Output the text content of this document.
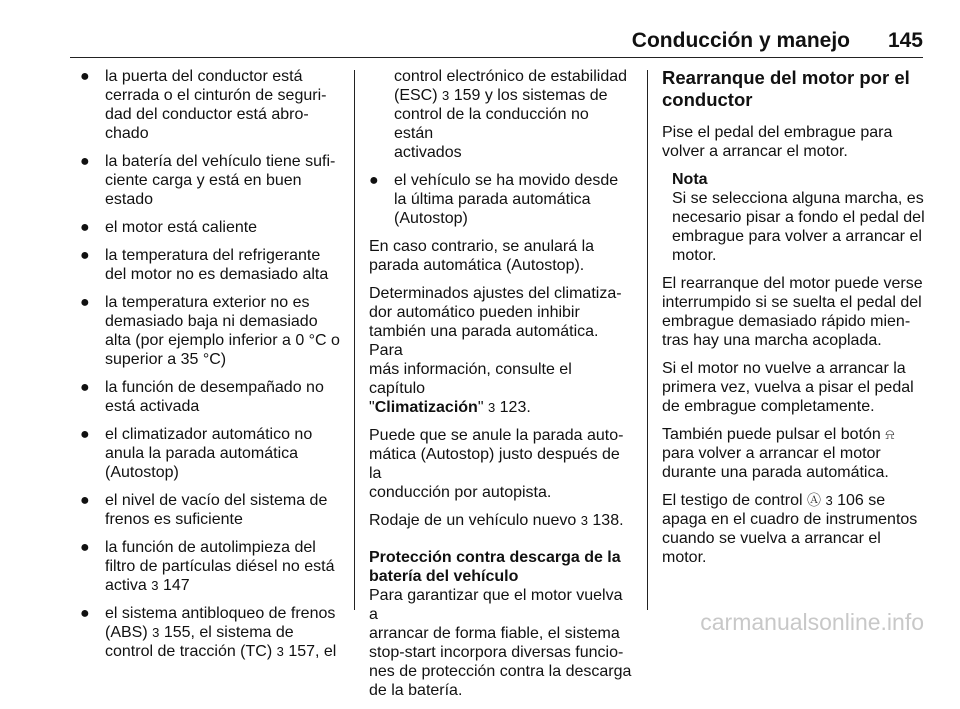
Conducción y manejo 145
● la puerta del conductor está
cerrada o el cinturón de seguri‐
dad del conductor está abro‐
chado
● la batería del vehículo tiene sufi‐
ciente carga y está en buen
estado
● el motor está caliente
● la temperatura del refrigerante
del motor no es demasiado alta
● la temperatura exterior no es
demasiado baja ni demasiado
alta (por ejemplo inferior a 0 °C o
superior a 35 °C)
● la función de desempañado no
está activada
● el climatizador automático no
anula la parada automática
(Autostop)
● el nivel de vacío del sistema de
frenos es suficiente
● la función de autolimpieza del
filtro de partículas diésel no está
activa 3 147
● el sistema antibloqueo de frenos
(ABS) 3 155, el sistema de
control de tracción (TC) 3 157, el
control electrónico de estabilidad
(ESC) 3 159 y los sistemas de
control de la conducción no están
activados
● el vehículo se ha movido desde
la última parada automática
(Autostop)

En caso contrario, se anulará la
parada automática (Autostop).

Determinados ajustes del climatiza‐
dor automático pueden inhibir
también una parada automática. Para
más información, consulte el capítulo
"Climatización" 3 123.

Puede que se anule la parada auto‐
mática (Autostop) justo después de la
conducción por autopista.

Rodaje de un vehículo nuevo 3 138.

Protección contra descarga de la
batería del vehículo

Para garantizar que el motor vuelva a
arrancar de forma fiable, el sistema
stop-start incorpora diversas funcio‐
nes de protección contra la descarga
de la batería.

Rearranque del motor por el
conductor

Pise el pedal del embrague para
volver a arrancar el motor.

Nota
Si se selecciona alguna marcha, es
necesario pisar a fondo el pedal del
embrague para volver a arrancar el
motor.

El rearranque del motor puede verse
interrumpido si se suelta el pedal del
embrague demasiado rápido mien‐
tras hay una marcha acoplada.

Si el motor no vuelve a arrancar la
primera vez, vuelva a pisar el pedal
de embrague completamente.

También puede pulsar el botón ⍾
para volver a arrancar el motor
durante una parada automática.

El testigo de control Ⓐ 3 106 se
apaga en el cuadro de instrumentos
cuando se vuelva a arrancar el motor.

carmanualsonline.info
